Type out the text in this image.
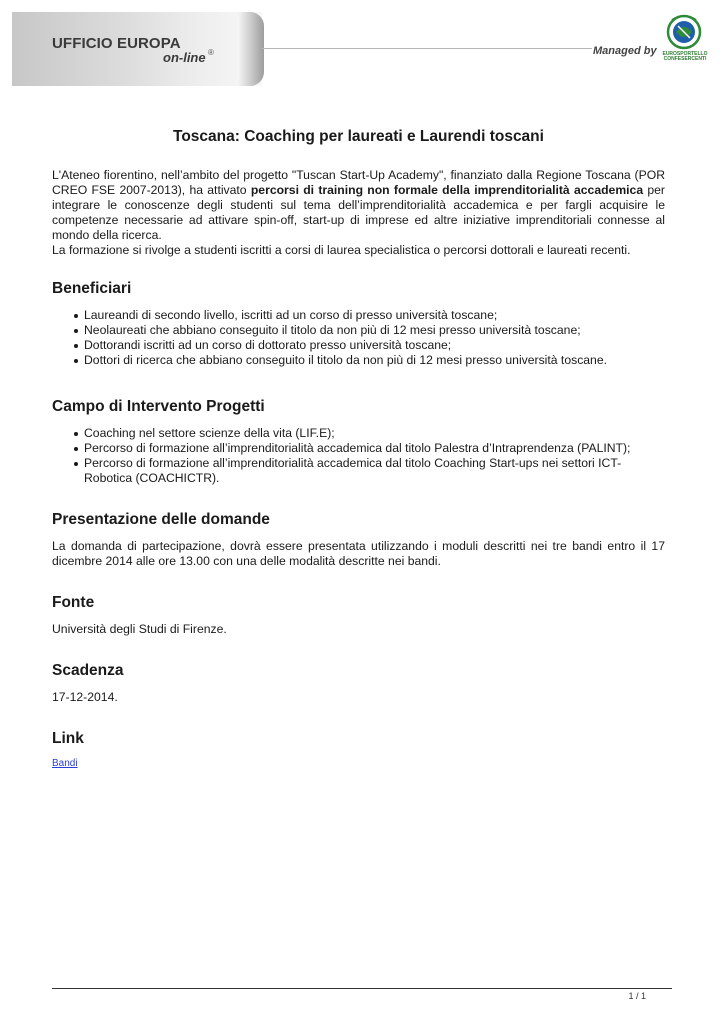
UFFICIO EUROPA
on-line ®	Managed by EUROSPORTELLO
CONFESERCENTI
Toscana: Coaching per laureati e Laurendi toscani

L'Ateneo fiorentino, nell’ambito del progetto "Tuscan Start-Up Academy", finanziato dalla Regione Toscana (POR CREO FSE 2007-2013), ha attivato percorsi di training non formale della imprenditorialità accademica per integrare le conoscenze degli studenti sul tema dell’imprenditorialità accademica e per fargli acquisire le competenze necessarie ad attivare spin-off, start-up di imprese ed altre iniziative imprenditoriali connesse al mondo della ricerca.

La formazione si rivolge a studenti iscritti a corsi di laurea specialistica o percorsi dottorali e laureati recenti.

Beneficiari
Laureandi di secondo livello, iscritti ad un corso di presso università toscane;
Neolaureati che abbiano conseguito il titolo da non più di 12 mesi presso università toscane;
Dottorandi iscritti ad un corso di dottorato presso università toscane;
Dottori di ricerca che abbiano conseguito il titolo da non più di 12 mesi presso università toscane.
Campo di Intervento Progetti
Coaching nel settore scienze della vita (LIF.E);
Percorso di formazione all’imprenditorialità accademica dal titolo Palestra d’Intraprendenza (PALINT);
Percorso di formazione all’imprenditorialità accademica dal titolo Coaching Start-ups nei settori ICT-Robotica (COACHICTR).
Presentazione delle domande

La domanda di partecipazione, dovrà essere presentata utilizzando i moduli descritti nei tre bandi entro il 17 dicembre 2014 alle ore 13.00 con una delle modalità descritte nei bandi.

Fonte

Università degli Studi di Firenze.

Scadenza

17-12-2014.

Link
Bandi
1 / 1
